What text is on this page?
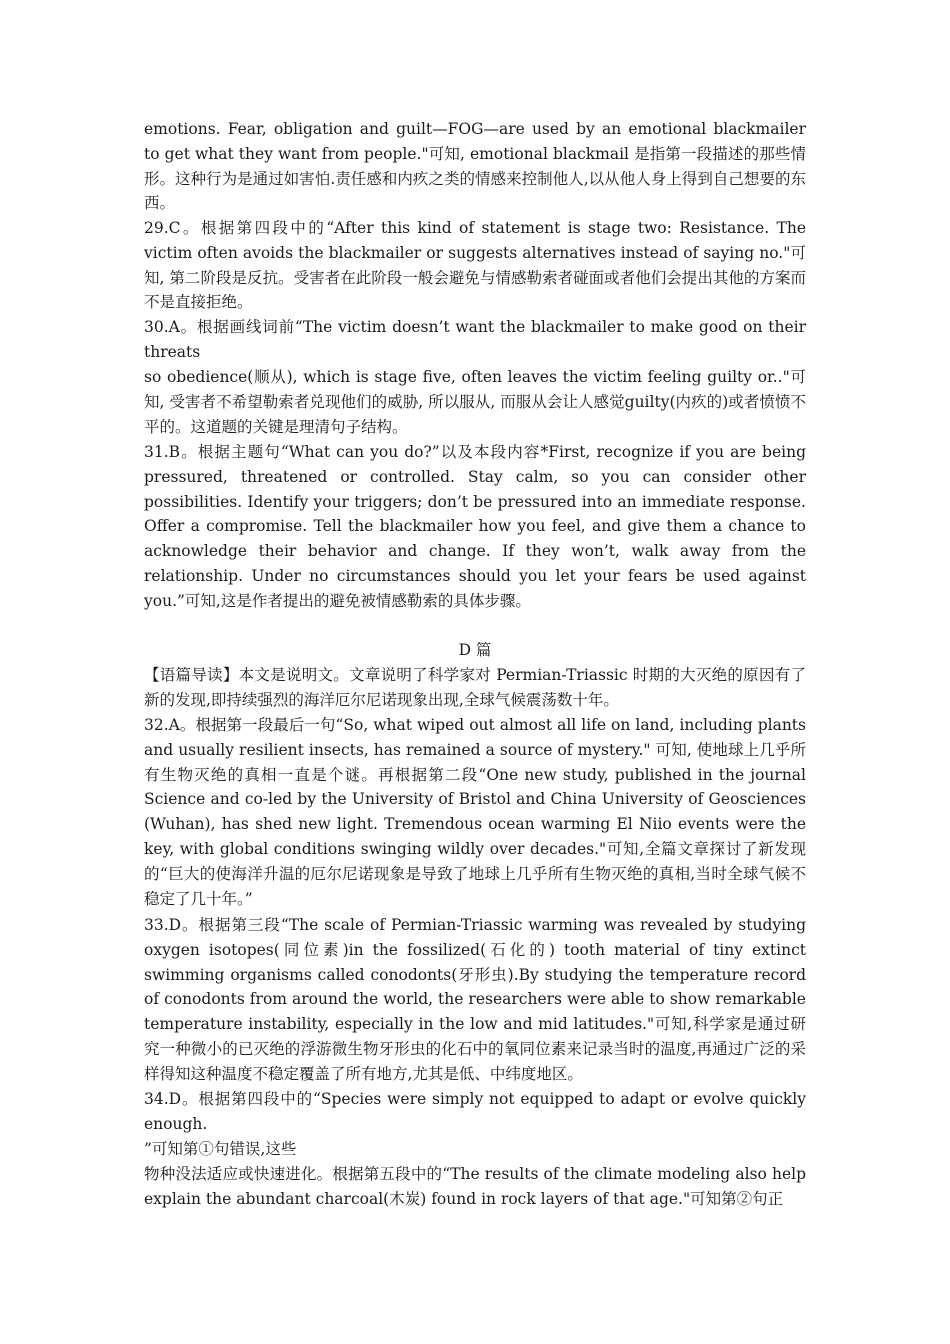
emotions. Fear, obligation and guilt—FOG—are used by an emotional blackmailer to get what they want from people."可知, emotional blackmail 是指第一段描述的那些情形。这种行为是通过如害怕.责任感和内疚之类的情感来控制他人,以从他人身上得到自己想要的东西。

29.C。根据第四段中的“After this kind of statement is stage two: Resistance. The victim often avoids the blackmailer or suggests alternatives instead of saying no."可知, 第二阶段是反抗。受害者在此阶段一般会避免与情感勒索者碰面或者他们会提出其他的方案而不是直接拒绝。

30.A。根据画线词前“The victim doesn’t want the blackmailer to make good on their threats

so obedience(顺从), which is stage five, often leaves the victim feeling guilty or.."可知, 受害者不希望勒索者兑现他们的威胁, 所以服从, 而服从会让人感觉guilty(内疚的)或者愤愤不平的。这道题的关键是理清句子结构。

31.B。根据主题句“What can you do?”以及本段内容*First, recognize if you are being pressured, threatened or controlled. Stay calm, so you can consider other possibilities. Identify your triggers; don’t be pressured into an immediate response. Offer a compromise. Tell the blackmailer how you feel, and give them a chance to acknowledge their behavior and change. If they won’t, walk away from the relationship. Under no circumstances should you let your fears be used against you.”可知,这是作者提出的避免被情感勒索的具体步骤。

D 篇

【语篇导读】本文是说明文。文章说明了科学家对 Permian-Triassic 时期的大灭绝的原因有了新的发现,即持续强烈的海洋厄尔尼诺现象出现,全球气候震荡数十年。

32.A。根据第一段最后一句“So, what wiped out almost all life on land, including plants and usually resilient insects, has remained a source of mystery." 可知, 使地球上几乎所有生物灭绝的真相一直是个谜。再根据第二段“One new study, published in the journal Science and co-led by the University of Bristol and China University of Geosciences (Wuhan), has shed new light. Tremendous ocean warming El Niio events were the key, with global conditions swinging wildly over decades."可知,全篇文章探讨了新发现的“巨大的使海洋升温的厄尔尼诺现象是导致了地球上几乎所有生物灭绝的真相,当时全球气候不稳定了几十年。”

33.D。根据第三段“The scale of Permian-Triassic warming was revealed by studying oxygen isotopes(同位素)in the fossilized(石化的) tooth material of tiny extinct swimming organisms called conodonts(牙形虫).By studying the temperature record of conodonts from around the world, the researchers were able to show remarkable temperature instability, especially in the low and mid latitudes."可知,科学家是通过研究一种微小的已灭绝的浮游微生物牙形虫的化石中的氧同位素来记录当时的温度,再通过广泛的采样得知这种温度不稳定覆盖了所有地方,尤其是低、中纬度地区。

34.D。根据第四段中的“Species were simply not equipped to adapt or evolve quickly enough.

”可知第①句错误,这些

物种没法适应或快速进化。根据第五段中的“The results of the climate modeling also help explain the abundant charcoal(木炭) found in rock layers of that age."可知第②句正
